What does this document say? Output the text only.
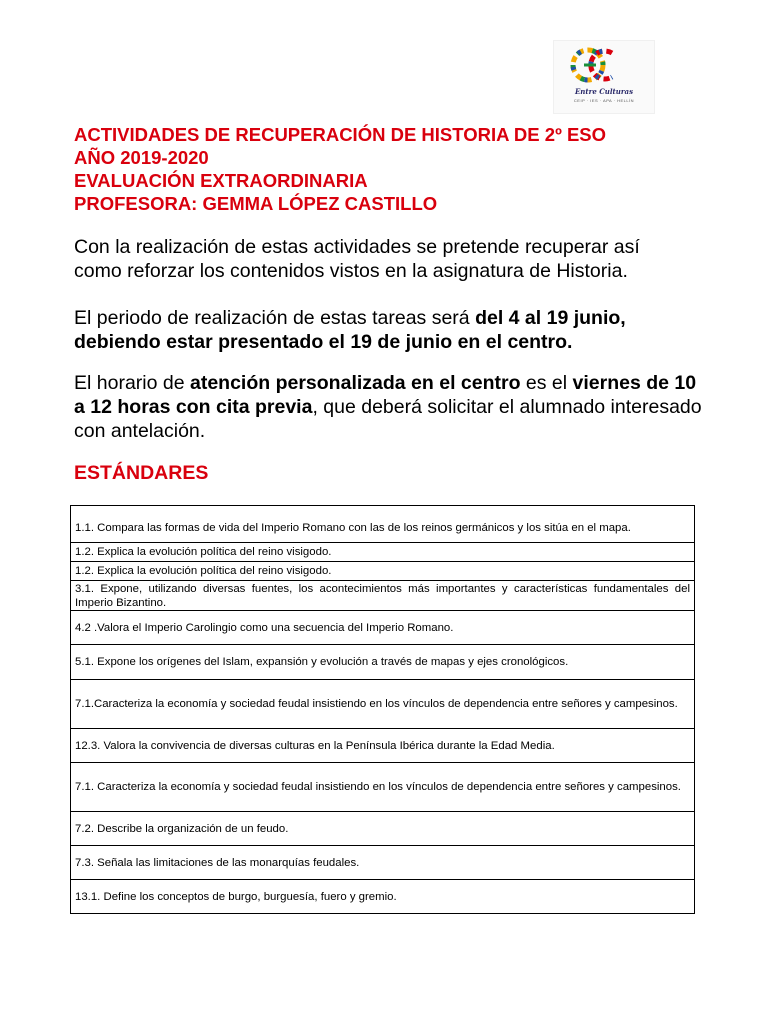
Entre Culturas
CEIP · IES · APA · HELLÍN
ACTIVIDADES DE RECUPERACIÓN DE HISTORIA DE 2º ESO
AÑO 2019-2020
EVALUACIÓN EXTRAORDINARIA
PROFESORA: GEMMA LÓPEZ CASTILLO
Con la realización de estas actividades se pretende recuperar así
como reforzar los contenidos vistos en la asignatura de Historia.
El periodo de realización de estas tareas será del 4 al 19 junio, debiendo estar presentado el 19 de junio en el centro.
El horario de atención personalizada en el centro es el viernes de 10 a 12 horas con cita previa, que deberá solicitar el alumnado interesado con antelación.
ESTÁNDARES

1.1. Compara las formas de vida del Imperio Romano con las de los reinos germánicos y los sitúa en el mapa.
1.2. Explica la evolución política del reino visigodo.
1.2. Explica la evolución política del reino visigodo.
3.1. Expone, utilizando diversas fuentes, los acontecimientos más importantes y características fundamentales del Imperio Bizantino.
4.2 .Valora el Imperio Carolingio como una secuencia del Imperio Romano.
5.1. Expone los orígenes del Islam, expansión y evolución a través de mapas y ejes cronológicos.
7.1.Caracteriza la economía y sociedad feudal insistiendo en los vínculos de dependencia entre señores y campesinos.
12.3. Valora la convivencia de diversas culturas en la Península Ibérica durante la Edad Media.
7.1. Caracteriza la economía y sociedad feudal insistiendo en los vínculos de dependencia entre señores y campesinos.
7.2. Describe la organización de un feudo.
7.3. Señala las limitaciones de las monarquías feudales.
13.1. Define los conceptos de burgo, burguesía, fuero y gremio.
